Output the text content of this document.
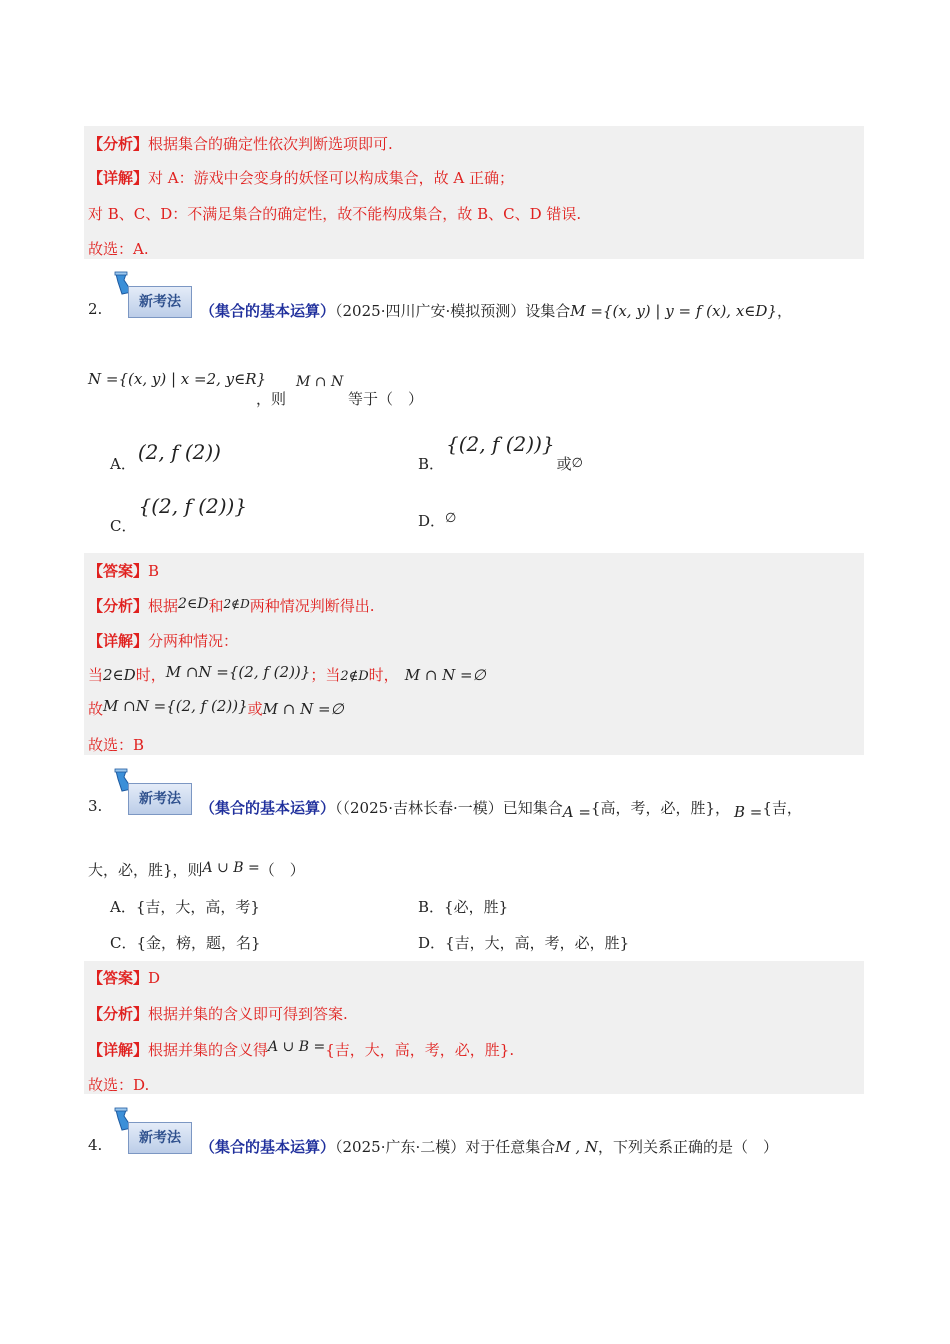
【分析】根据集合的确定性依次判断选项即可.
【详解】对 A：游戏中会变身的妖怪可以构成集合，故 A 正确；
对 B、C、D：不满足集合的确定性，故不能构成集合，故 B、C、D 错误.
故选：A.
2.	新考法	（集合的基本运算）（2025·四川广安·模拟预测）设集合M ={(x, y) | y = f (x), x∈D}，
N ={(x, y) | x =2, y∈R}
，则
M ∩ N
等于（　）
A． (2, f (2))	B．{(2, f (2))}或∅
C．{(2, f (2))}
D．∅
【答案】B
【分析】根据2∈D和$^{2\notin D}$两种情况判断得出.
【详解】分两种情况：
当2∈D时，M ∩N ={(2, f (2))}；当2∉D时， M ∩ N =∅
故M ∩N ={(2, f (2))}或M ∩ N =∅
故选：B
3.	新考法	（集合的基本运算）（（2025·吉林长春·一模）已知集合A ={高，考，必，胜}， B ={吉，
大，必，胜}，则A ∪ B =（　）
A．{吉，大，高，考}	B．{必，胜}
C．{金，榜，题，名}	D．{吉，大，高，考，必，胜}
【答案】D
【分析】根据并集的含义即可得到答案.
【详解】根据并集的含义得A ∪ B ={吉，大，高，考，必，胜}.
故选：D.
4.	新考法	（集合的基本运算）（2025·广东·二模）对于任意集合M , N，下列关系正确的是（　）
